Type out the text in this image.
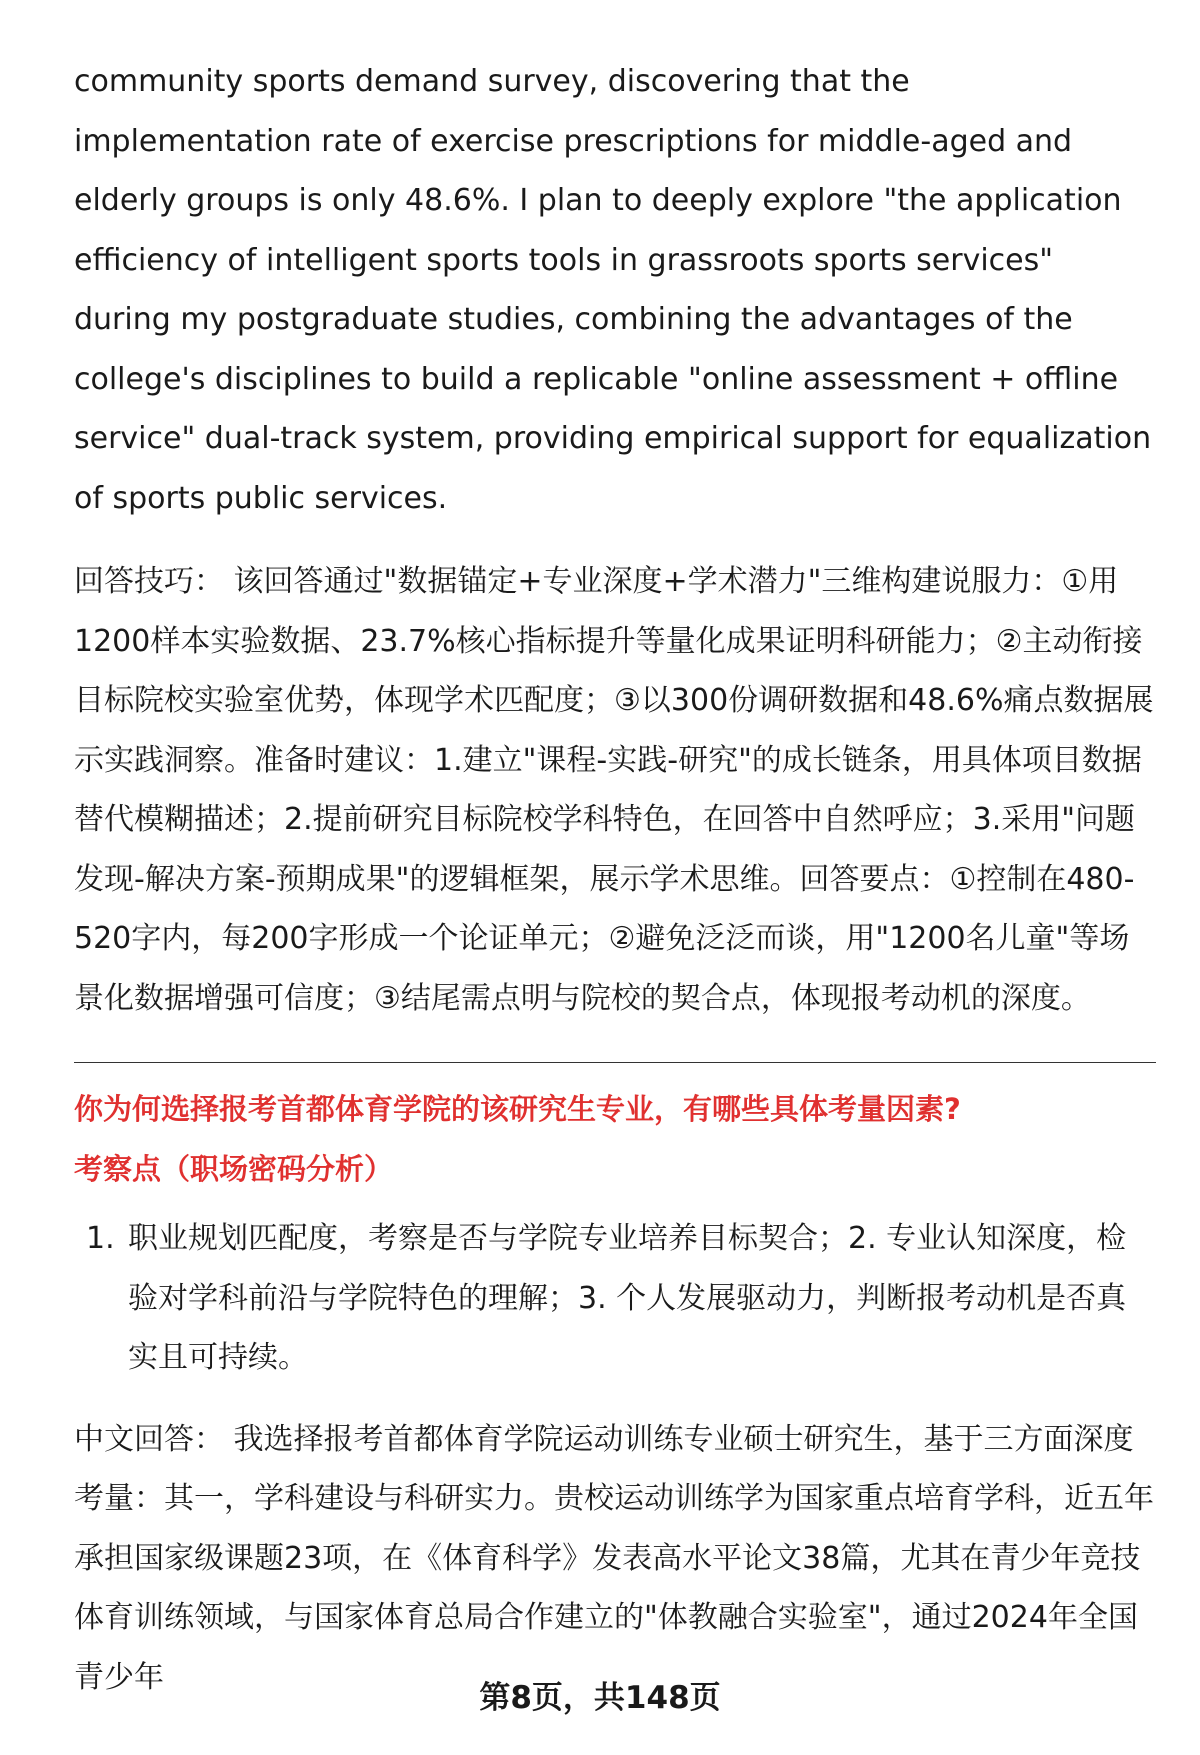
community sports demand survey, discovering that the implementation rate of exercise prescriptions for middle-aged and elderly groups is only 48.6%. I plan to deeply explore "the application efficiency of intelligent sports tools in grassroots sports services" during my postgraduate studies, combining the advantages of the college's disciplines to build a replicable "online assessment + offline service" dual-track system, providing empirical support for equalization of sports public services.

回答技巧： 该回答通过"数据锚定+专业深度+学术潜力"三维构建说服力：①用1200样本实验数据、23.7%核心指标提升等量化成果证明科研能力；②主动衔接目标院校实验室优势，体现学术匹配度；③以300份调研数据和48.6%痛点数据展示实践洞察。准备时建议：1.建立"课程-实践-研究"的成长链条，用具体项目数据替代模糊描述；2.提前研究目标院校学科特色，在回答中自然呼应；3.采用"问题发现-解决方案-预期成果"的逻辑框架，展示学术思维。回答要点：①控制在480-520字内，每200字形成一个论证单元；②避免泛泛而谈，用"1200名儿童"等场景化数据增强可信度；③结尾需点明与院校的契合点，体现报考动机的深度。

你为何选择报考首都体育学院的该研究生专业，有哪些具体考量因素?
考察点（职场密码分析）
1. 职业规划匹配度，考察是否与学院专业培养目标契合；2. 专业认知深度，检验对学科前沿与学院特色的理解；3. 个人发展驱动力，判断报考动机是否真实且可持续。

中文回答： 我选择报考首都体育学院运动训练专业硕士研究生，基于三方面深度考量：其一，学科建设与科研实力。贵校运动训练学为国家重点培育学科，近五年承担国家级课题23项，在《体育科学》发表高水平论文38篇，尤其在青少年竞技体育训练领域，与国家体育总局合作建立的"体教融合实验室"，通过2024年全国青少年

第8页，共148页
